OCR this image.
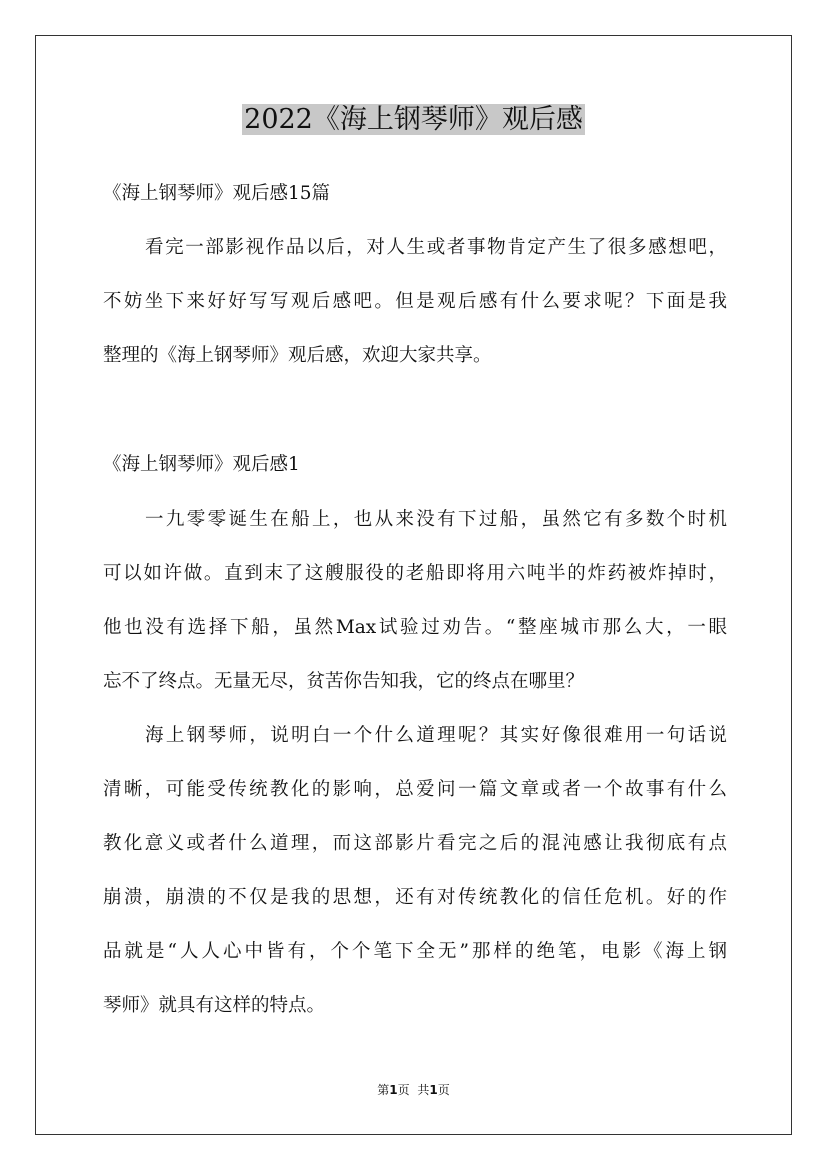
2022《海上钢琴师》观后感
《海上钢琴师》观后感15篇
看完一部影视作品以后，对人生或者事物肯定产生了很多感想吧，
不妨坐下来好好写写观后感吧。但是观后感有什么要求呢？下面是我
整理的《海上钢琴师》观后感，欢迎大家共享。
《海上钢琴师》观后感1
一九零零诞生在船上，也从来没有下过船，虽然它有多数个时机
可以如许做。直到末了这艘服役的老船即将用六吨半的炸药被炸掉时，
他也没有选择下船，虽然Max试验过劝告。“整座城市那么大，一眼
忘不了终点。无量无尽，贫苦你告知我，它的终点在哪里？
海上钢琴师，说明白一个什么道理呢？其实好像很难用一句话说
清晰，可能受传统教化的影响，总爱问一篇文章或者一个故事有什么
教化意义或者什么道理，而这部影片看完之后的混沌感让我彻底有点
崩溃，崩溃的不仅是我的思想，还有对传统教化的信任危机。好的作
品就是“人人心中皆有，个个笔下全无”那样的绝笔，电影《海上钢
琴师》就具有这样的特点。
第1页 共1页
